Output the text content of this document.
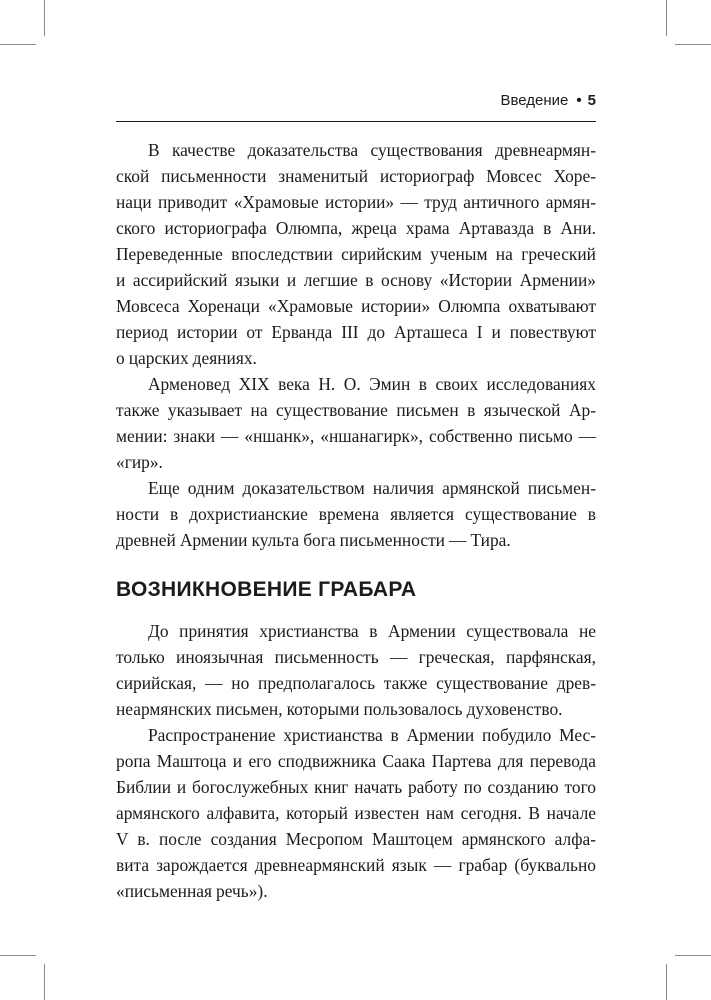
Введение • 5
В качестве доказательства существования древнеармян-
ской письменности знаменитый историограф Мовсес Хоре-
наци приводит «Храмовые истории» — труд античного армян-
ского историографа Олюмпа, жреца храма Артавазда в Ани.
Переведенные впоследствии сирийским ученым на греческий
и ассирийский языки и легшие в основу «Истории Армении»
Мовсеса Хоренаци «Храмовые истории» Олюмпа охватывают
период истории от Ерванда III до Арташеса I и повествуют
о царских деяниях.
Арменовед XIX века Н. О. Эмин в своих исследованиях
также указывает на существование письмен в языческой Ар-
мении: знаки — «ншанк», «ншанагирк», собственно письмо —
«гир».
Еще одним доказательством наличия армянской письмен-
ности в дохристианские времена является существование в
древней Армении культа бога письменности — Тира.
ВОЗНИКНОВЕНИЕ ГРАБАРА
До принятия христианства в Армении существовала не
только иноязычная письменность — греческая, парфянская,
сирийская, — но предполагалось также существование древ-
неармянских письмен, которыми пользовалось духовенство.
Распространение христианства в Армении побудило Мес-
ропа Маштоца и его сподвижника Саака Партева для перевода
Библии и богослужебных книг начать работу по созданию того
армянского алфавита, который известен нам сегодня. В начале
V в. после создания Месропом Маштоцем армянского алфа-
вита зарождается древнеармянский язык — грабар (буквально
«письменная речь»).
